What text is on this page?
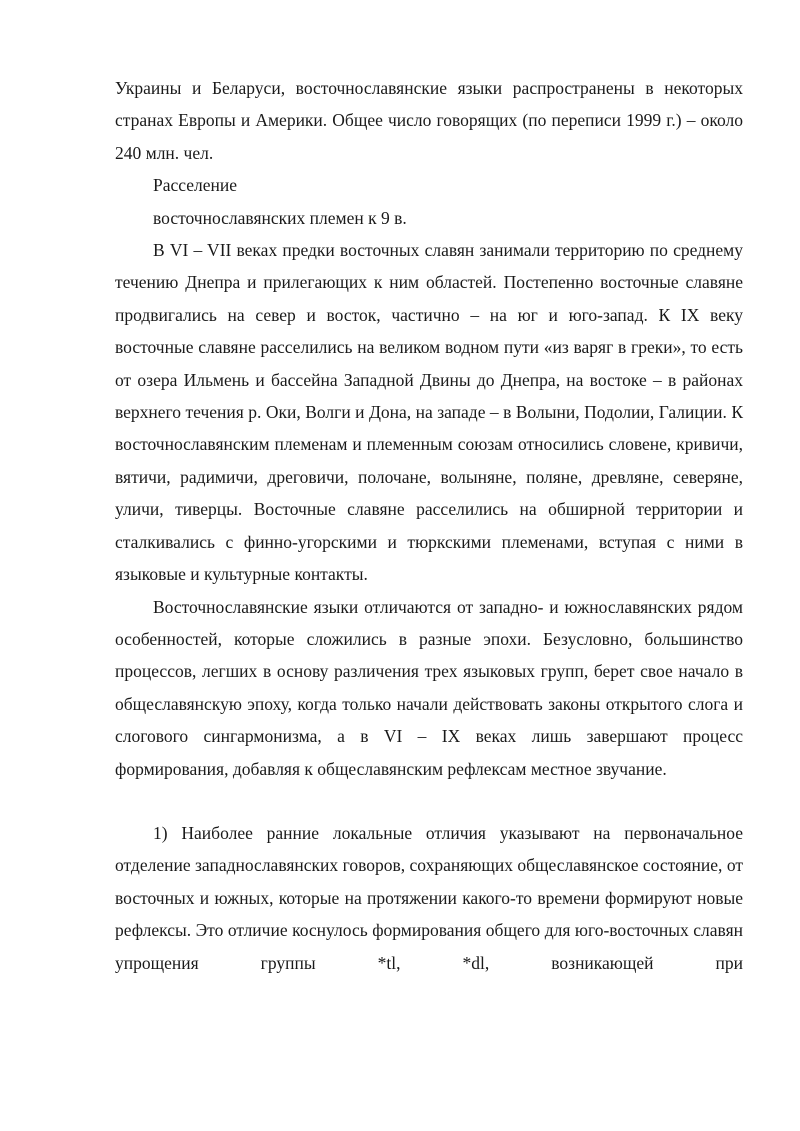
Украины и Беларуси, восточнославянские языки распространены в некоторых странах Европы и Америки. Общее число говорящих (по переписи 1999 г.) – около 240 млн. чел.

Расселение

восточнославянских племен к 9 в.

В VI – VII веках предки восточных славян занимали территорию по среднему течению Днепра и прилегающих к ним областей. Постепенно восточные славяне продвигались на север и восток, частично – на юг и юго-запад. К IX веку восточные славяне расселились на великом водном пути «из варяг в греки», то есть от озера Ильмень и бассейна Западной Двины до Днепра, на востоке – в районах верхнего течения р. Оки, Волги и Дона, на западе – в Волыни, Подолии, Галиции. К восточнославянским племенам и племенным союзам относились словене, кривичи, вятичи, радимичи, дреговичи, полочане, волыняне, поляне, древляне, северяне, уличи, тиверцы. Восточные славяне расселились на обширной территории и сталкивались с финно-угорскими и тюркскими племенами, вступая с ними в языковые и культурные контакты.

Восточнославянские языки отличаются от западно- и южнославянских рядом особенностей, которые сложились в разные эпохи. Безусловно, большинство процессов, легших в основу различения трех языковых групп, берет свое начало в общеславянскую эпоху, когда только начали действовать законы открытого слога и слогового сингармонизма, а в VI – IX веках лишь завершают процесс формирования, добавляя к общеславянским рефлексам местное звучание.

1) Наиболее ранние локальные отличия указывают на первоначальное отделение западнославянских говоров, сохраняющих общеславянское состояние, от восточных и южных, которые на протяжении какого-то времени формируют новые рефлексы. Это отличие коснулось формирования общего для юго-восточных славян упрощения группы *tl, *dl, возникающей при
